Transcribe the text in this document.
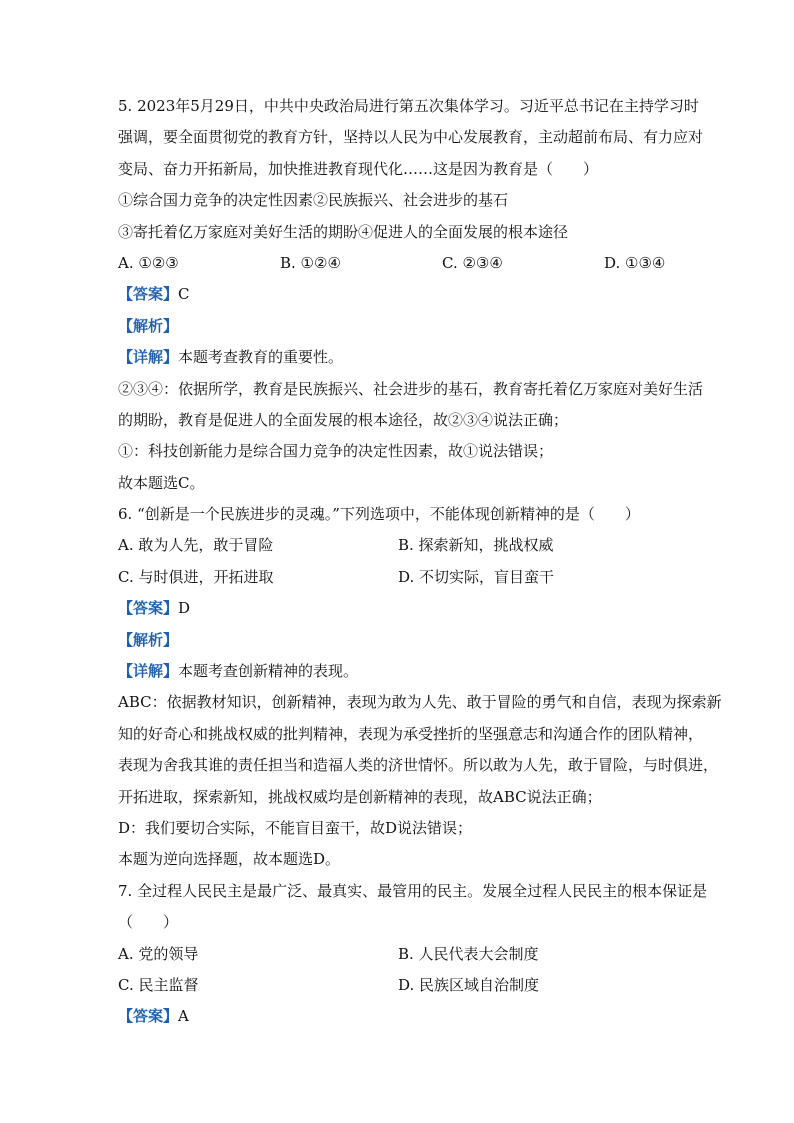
5. 2023年5月29日，中共中央政治局进行第五次集体学习。习近平总书记在主持学习时
强调，要全面贯彻党的教育方针，坚持以人民为中心发展教育，主动超前布局、有力应对
变局、奋力开拓新局，加快推进教育现代化……这是因为教育是（　　）
①综合国力竞争的决定性因素②民族振兴、社会进步的基石
③寄托着亿万家庭对美好生活的期盼④促进人的全面发展的根本途径
A. ①②③	B. ①②④	C. ②③④	D. ①③④
【答案】C
【解析】
【详解】本题考查教育的重要性。
②③④：依据所学，教育是民族振兴、社会进步的基石，教育寄托着亿万家庭对美好生活
的期盼，教育是促进人的全面发展的根本途径，故②③④说法正确；
①：科技创新能力是综合国力竞争的决定性因素，故①说法错误；
故本题选C。
6. “创新是一个民族进步的灵魂。”下列选项中，不能体现创新精神的是（　　）
A. 敢为人先，敢于冒险	B. 探索新知，挑战权威
C. 与时俱进，开拓进取	D. 不切实际，盲目蛮干
【答案】D
【解析】
【详解】本题考查创新精神的表现。
ABC：依据教材知识，创新精神，表现为敢为人先、敢于冒险的勇气和自信，表现为探索新
知的好奇心和挑战权威的批判精神，表现为承受挫折的坚强意志和沟通合作的团队精神，
表现为舍我其谁的责任担当和造福人类的济世情怀。所以敢为人先，敢于冒险，与时俱进，
开拓进取，探索新知，挑战权威均是创新精神的表现，故ABC说法正确；
D：我们要切合实际，不能盲目蛮干，故D说法错误；
本题为逆向选择题，故本题选D。
7. 全过程人民民主是最广泛、最真实、最管用的民主。发展全过程人民民主的根本保证是
（　　）
A. 党的领导	B. 人民代表大会制度
C. 民主监督	D. 民族区域自治制度
【答案】A
